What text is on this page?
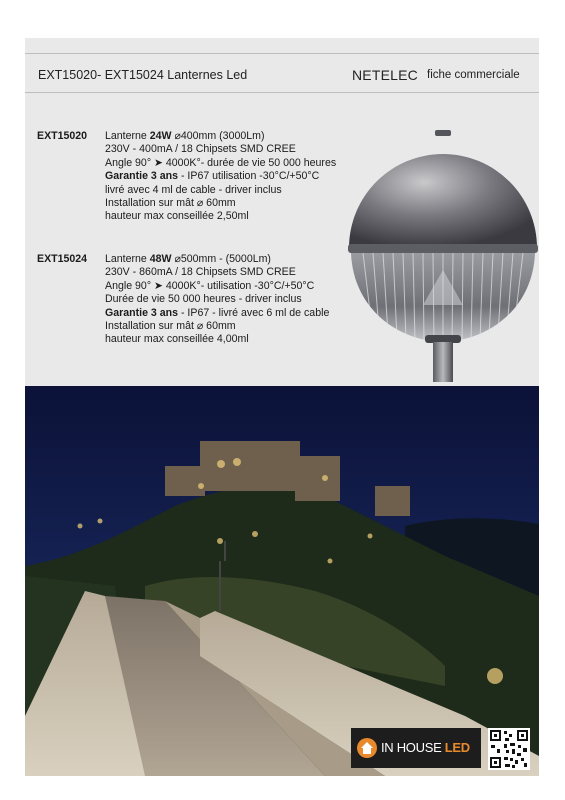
EXT15020- EXT15024 Lanternes Led	NETELEC fiche commerciale
EXT15020	Lanterne 24W ⌀400mm (3000Lm)
230V - 400mA / 18 Chipsets SMD CREE
Angle 90° ➤ 4000K°- durée de vie 50 000 heures
Garantie 3 ans - IP67 utilisation -30°C/+50°C
livré avec 4 ml de cable - driver inclus
Installation sur mât ⌀ 60mm
hauteur max conseillée 2,50ml
EXT15024	Lanterne 48W ⌀500mm - (5000Lm)
230V - 860mA / 18 Chipsets SMD CREE
Angle 90° ➤ 4000K°- utilisation -30°C/+50°C
Durée de vie 50 000 heures - driver inclus
Garantie 3 ans - IP67 - livré avec 6 ml de cable
Installation sur mât ⌀ 60mm
hauteur max conseillée 4,00ml
IN HOUSE LED
